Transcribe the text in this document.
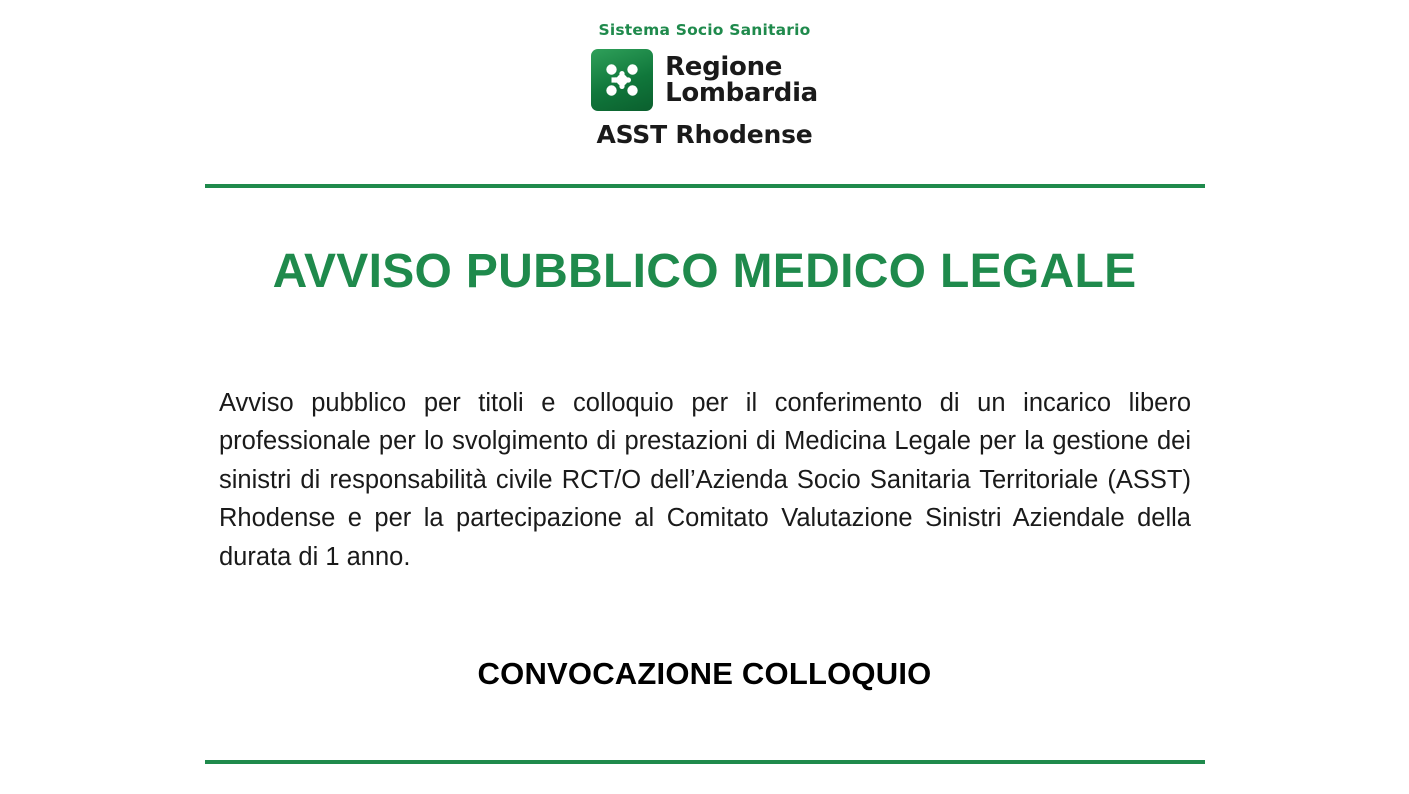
Sistema Socio Sanitario
Regione
Lombardia
ASST Rhodense
AVVISO PUBBLICO MEDICO LEGALE

Avviso pubblico per titoli e colloquio per il conferimento di un incarico libero professionale per lo svolgimento di prestazioni di Medicina Legale per la gestione dei sinistri di responsabilità civile RCT/O dell’Azienda Socio Sanitaria Territoriale (ASST) Rhodense e per la partecipazione al Comitato Valutazione Sinistri Aziendale della durata di 1 anno.

CONVOCAZIONE COLLOQUIO
